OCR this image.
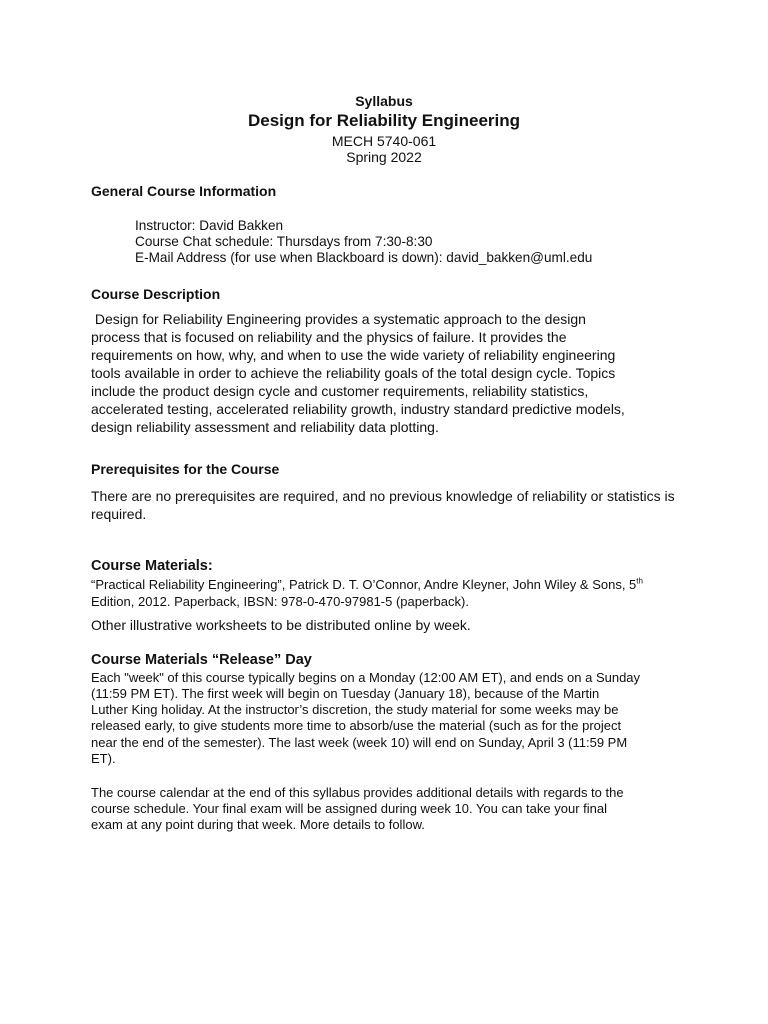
Syllabus
Design for Reliability Engineering
MECH 5740-061
Spring 2022
General Course Information
Instructor: David Bakken
Course Chat schedule: Thursdays from 7:30-8:30
E-Mail Address (for use when Blackboard is down): david_bakken@uml.edu
Course Description
Design for Reliability Engineering provides a systematic approach to the design
process that is focused on reliability and the physics of failure. It provides the
requirements on how, why, and when to use the wide variety of reliability engineering
tools available in order to achieve the reliability goals of the total design cycle. Topics
include the product design cycle and customer requirements, reliability statistics,
accelerated testing, accelerated reliability growth, industry standard predictive models,
design reliability assessment and reliability data plotting.
Prerequisites for the Course
There are no prerequisites are required, and no previous knowledge of reliability or statistics is
required.
Course Materials:
“Practical Reliability Engineering”, Patrick D. T. O’Connor, Andre Kleyner, John Wiley & Sons, 5th
Edition, 2012. Paperback, IBSN: 978-0-470-97981-5 (paperback).
Other illustrative worksheets to be distributed online by week.
Course Materials “Release” Day
Each "week" of this course typically begins on a Monday (12:00 AM ET), and ends on a Sunday
(11:59 PM ET). The first week will begin on Tuesday (January 18), because of the Martin
Luther King holiday. At the instructor’s discretion, the study material for some weeks may be
released early, to give students more time to absorb/use the material (such as for the project
near the end of the semester). The last week (week 10) will end on Sunday, April 3 (11:59 PM
ET).
The course calendar at the end of this syllabus provides additional details with regards to the
course schedule. Your final exam will be assigned during week 10. You can take your final
exam at any point during that week. More details to follow.
